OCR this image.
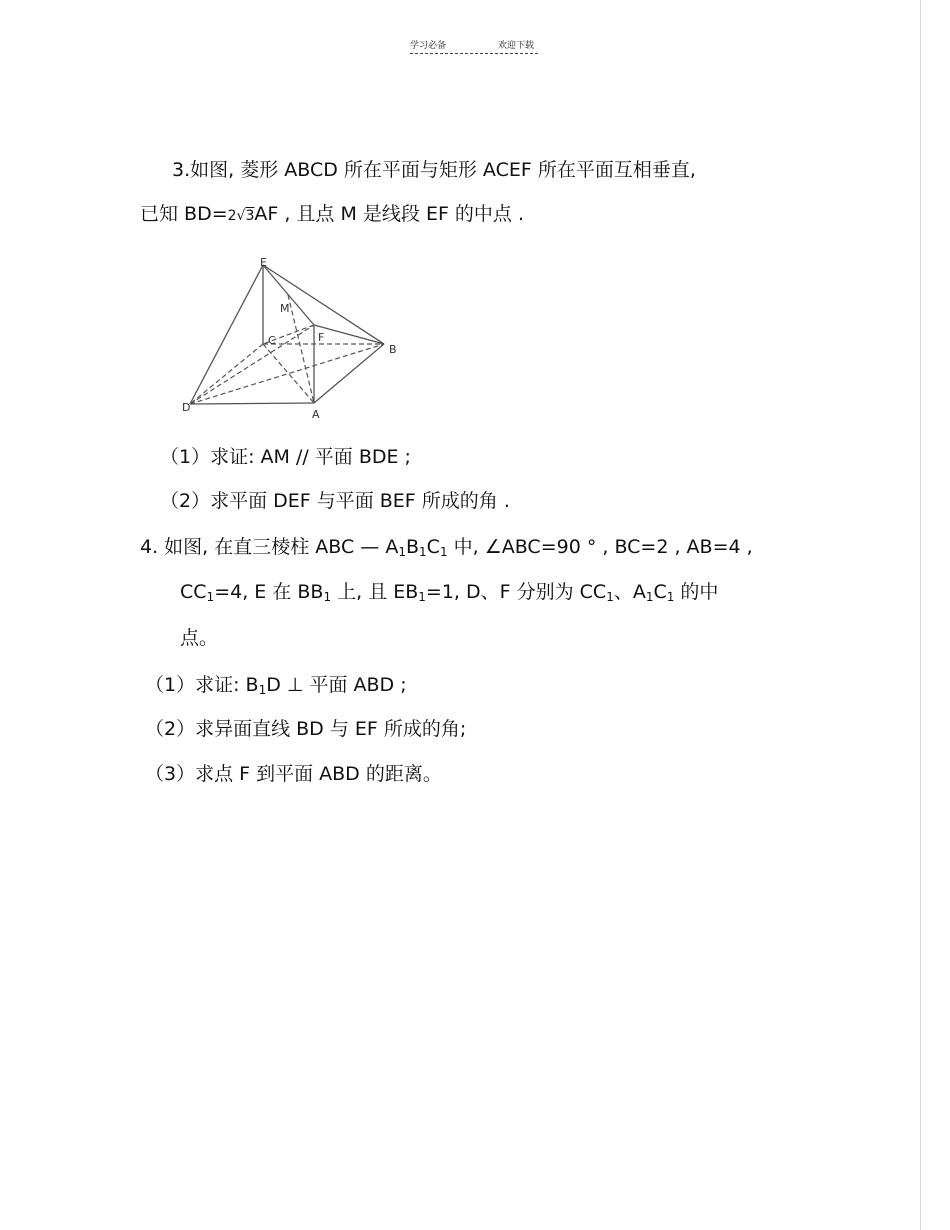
学习必备	欢迎下载
3.如图, 菱形 ABCD 所在平面与矩形 ACEF 所在平面互相垂直,
已知 BD=2√3AF , 且点 M 是线段 EF 的中点 .
E
M
C	F
B
D
A
（1）求证: AM // 平面 BDE ;
（2）求平面 DEF 与平面 BEF 所成的角 .
4. 如图, 在直三棱柱 ABC — $A_1B_1C_1$ 中, ∠ABC=90 ° , BC=2 , AB=4 ,
$CC_1=4$, E 在 $BB_1$ 上, 且 $EB_1=1$, D、F 分别为 $CC_1$、$A_1C_1$ 的中
点。
（1）求证: $B_1D$ ⊥ 平面 ABD ;
（2）求异面直线 BD 与 EF 所成的角;
（3）求点 F 到平面 ABD 的距离。
